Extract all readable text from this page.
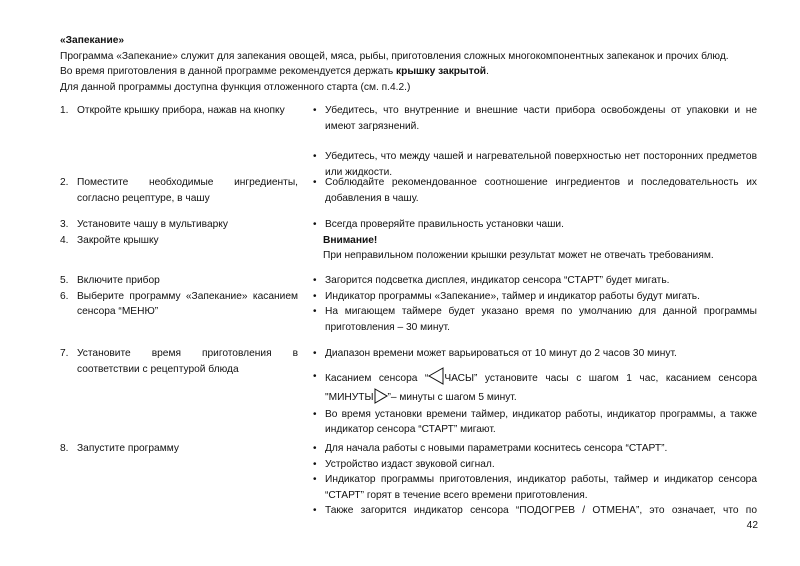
«Запекание»
Программа «Запекание» служит для запекания овощей, мяса, рыбы, приготовления сложных многокомпонентных запеканок и прочих блюд.
Во время приготовления в данной программе рекомендуется держать крышку закрытой.
Для данной программы доступна функция отложенного старта (см. п.4.2.)
1. Откройте крышку прибора, нажав на кнопку	• Убедитесь, что внутренние и внешние части прибора освобождены от упаковки и не имеют загрязнений.
• Убедитесь, что между чашей и нагревательной поверхностью нет посторонних предметов или жидкости.
2. Поместите необходимые ингредиенты, согласно рецептуре, в чашу
• Соблюдайте рекомендованное соотношение ингредиентов и последовательность их добавления в чашу.
3. Установите чашу в мультиварку
4. Закройте крышку
• Всегда проверяйте правильность установки чаши.
Внимание!
При неправильном положении крышки результат может не отвечать требованиям.
5. Включите прибор
6. Выберите программу «Запекание» касанием сенсора “МЕНЮ”
• Загорится подсветка дисплея, индикатор сенсора “СТАРТ” будет мигать.
• Индикатор программы «Запекание», таймер и индикатор работы будут мигать.
• На мигающем таймере будет указано время по умолчанию для данной программы приготовления – 30 минут.
7. Установите время приготовления в соответствии с рецептурой блюда
• Диапазон времени может варьироваться от 10 минут до 2 часов 30 минут.
• Касанием сенсора “ ЧАСЫ” установите часы с шагом 1 час, касанием сенсора "МИНУТЫ ”– минуты с шагом 5 минут.
• Во время установки времени таймер, индикатор работы, индикатор программы, а также индикатор сенсора “СТАРТ” мигают.
8. Запустите программу	• Для начала работы с новыми параметрами коснитесь сенсора “СТАРТ”.
• Устройство издаст звуковой сигнал.
• Индикатор программы приготовления, индикатор работы, таймер и индикатор сенсора “СТАРТ” горят в течение всего времени приготовления.
• Также загорится индикатор сенсора “ПОДОГРЕВ / ОТМЕНА”, это означает, что по
42
